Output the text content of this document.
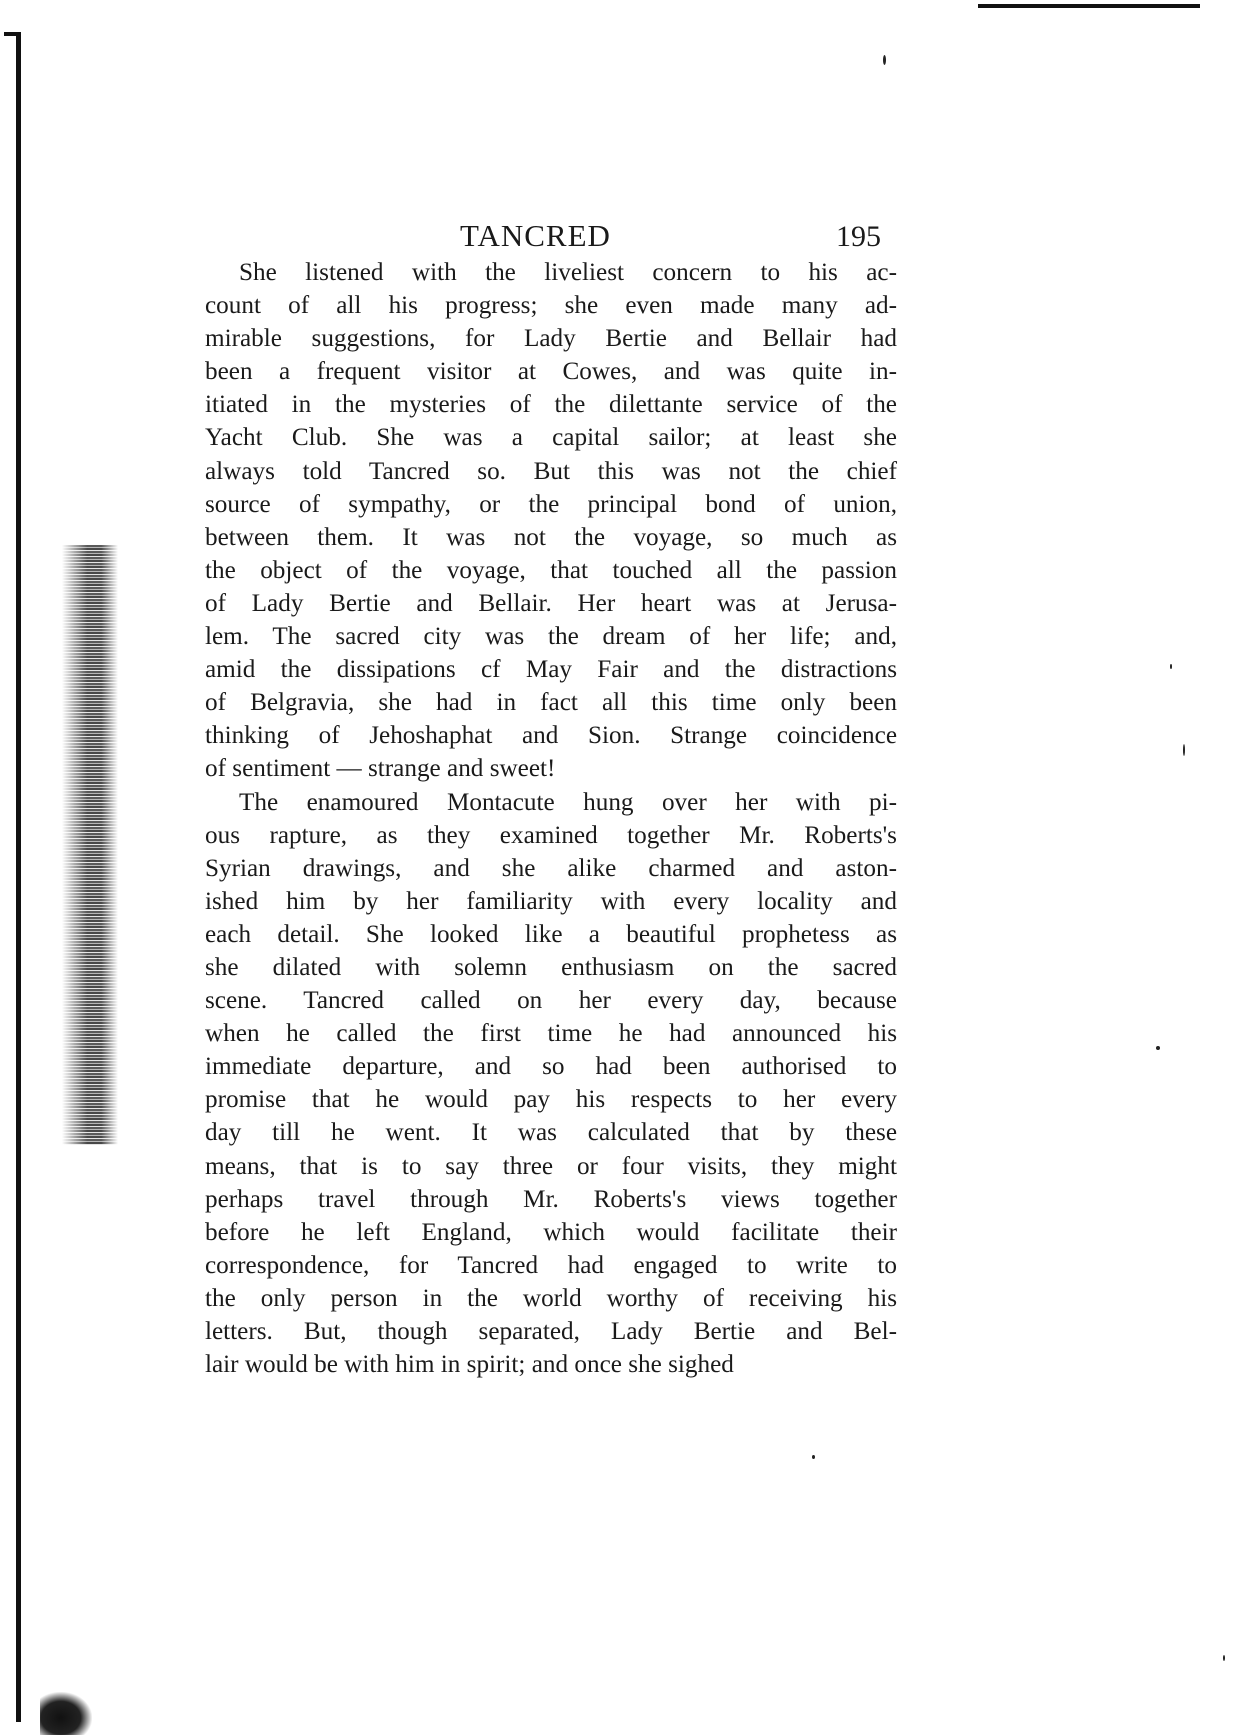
TANCRED	195

She listened with the liveliest concern to his ac-
count of all his progress; she even made many ad-
mirable suggestions, for Lady Bertie and Bellair had
been a frequent visitor at Cowes, and was quite in-
itiated in the mysteries of the dilettante service of the
Yacht Club. She was a capital sailor; at least she
always told Tancred so. But this was not the chief
source of sympathy, or the principal bond of union,
between them. It was not the voyage, so much as
the object of the voyage, that touched all the passion
of Lady Bertie and Bellair. Her heart was at Jerusa-
lem. The sacred city was the dream of her life; and,
amid the dissipations cf May Fair and the distractions
of Belgravia, she had in fact all this time only been
thinking of Jehoshaphat and Sion. Strange coincidence
of sentiment — strange and sweet!

The enamoured Montacute hung over her with pi-
ous rapture, as they examined together Mr. Roberts's
Syrian drawings, and she alike charmed and aston-
ished him by her familiarity with every locality and
each detail. She looked like a beautiful prophetess as
she dilated with solemn enthusiasm on the sacred
scene. Tancred called on her every day, because
when he called the first time he had announced his
immediate departure, and so had been authorised to
promise that he would pay his respects to her every
day till he went. It was calculated that by these
means, that is to say three or four visits, they might
perhaps travel through Mr. Roberts's views together
before he left England, which would facilitate their
correspondence, for Tancred had engaged to write to
the only person in the world worthy of receiving his
letters. But, though separated, Lady Bertie and Bel-
lair would be with him in spirit; and once she sighed
